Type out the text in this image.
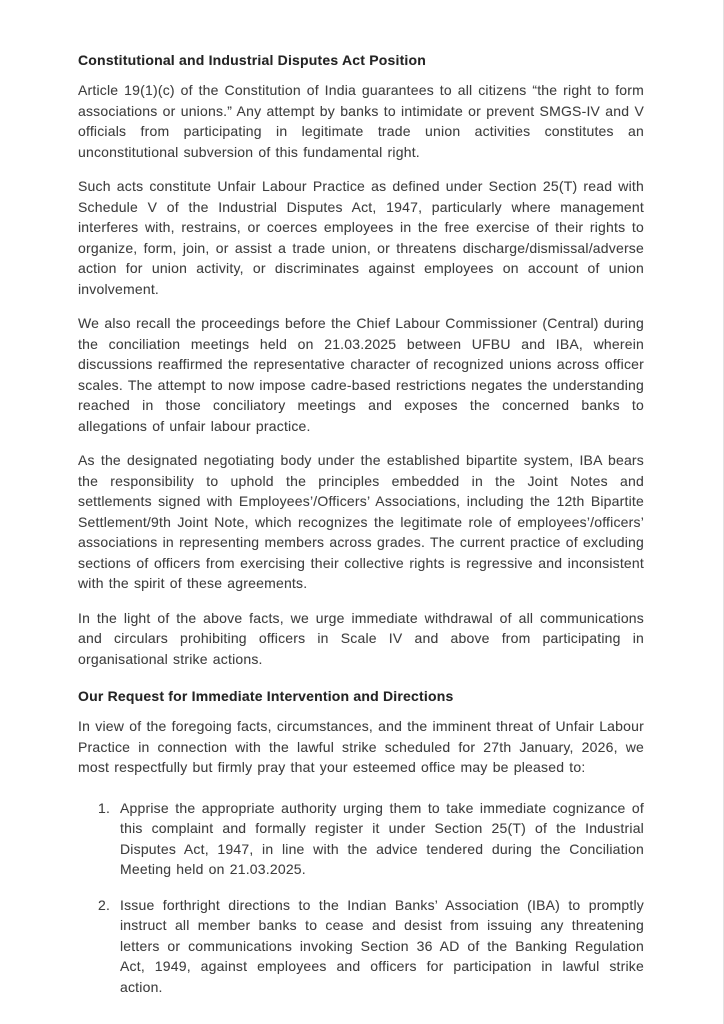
Constitutional and Industrial Disputes Act Position

Article 19(1)(c) of the Constitution of India guarantees to all citizens “the right to form associations or unions.” Any attempt by banks to intimidate or prevent SMGS-IV and V officials from participating in legitimate trade union activities constitutes an unconstitutional subversion of this fundamental right.

Such acts constitute Unfair Labour Practice as defined under Section 25(T) read with Schedule V of the Industrial Disputes Act, 1947, particularly where management interferes with, restrains, or coerces employees in the free exercise of their rights to organize, form, join, or assist a trade union, or threatens discharge/dismissal/adverse action for union activity, or discriminates against employees on account of union involvement.

We also recall the proceedings before the Chief Labour Commissioner (Central) during the conciliation meetings held on 21.03.2025 between UFBU and IBA, wherein discussions reaffirmed the representative character of recognized unions across officer scales. The attempt to now impose cadre-based restrictions negates the understanding reached in those conciliatory meetings and exposes the concerned banks to allegations of unfair labour practice.

As the designated negotiating body under the established bipartite system, IBA bears the responsibility to uphold the principles embedded in the Joint Notes and settlements signed with Employees’/Officers’ Associations, including the 12th Bipartite Settlement/9th Joint Note, which recognizes the legitimate role of employees’/officers’ associations in representing members across grades. The current practice of excluding sections of officers from exercising their collective rights is regressive and inconsistent with the spirit of these agreements.

In the light of the above facts, we urge immediate withdrawal of all communications and circulars prohibiting officers in Scale IV and above from participating in organisational strike actions.

Our Request for Immediate Intervention and Directions

In view of the foregoing facts, circumstances, and the imminent threat of Unfair Labour Practice in connection with the lawful strike scheduled for 27th January, 2026, we most respectfully but firmly pray that your esteemed office may be pleased to:

1. Apprise the appropriate authority urging them to take immediate cognizance of this complaint and formally register it under Section 25(T) of the Industrial Disputes Act, 1947, in line with the advice tendered during the Conciliation Meeting held on 21.03.2025.
2. Issue forthright directions to the Indian Banks’ Association (IBA) to promptly instruct all member banks to cease and desist from issuing any threatening letters or communications invoking Section 36 AD of the Banking Regulation Act, 1949, against employees and officers for participation in lawful strike action.
